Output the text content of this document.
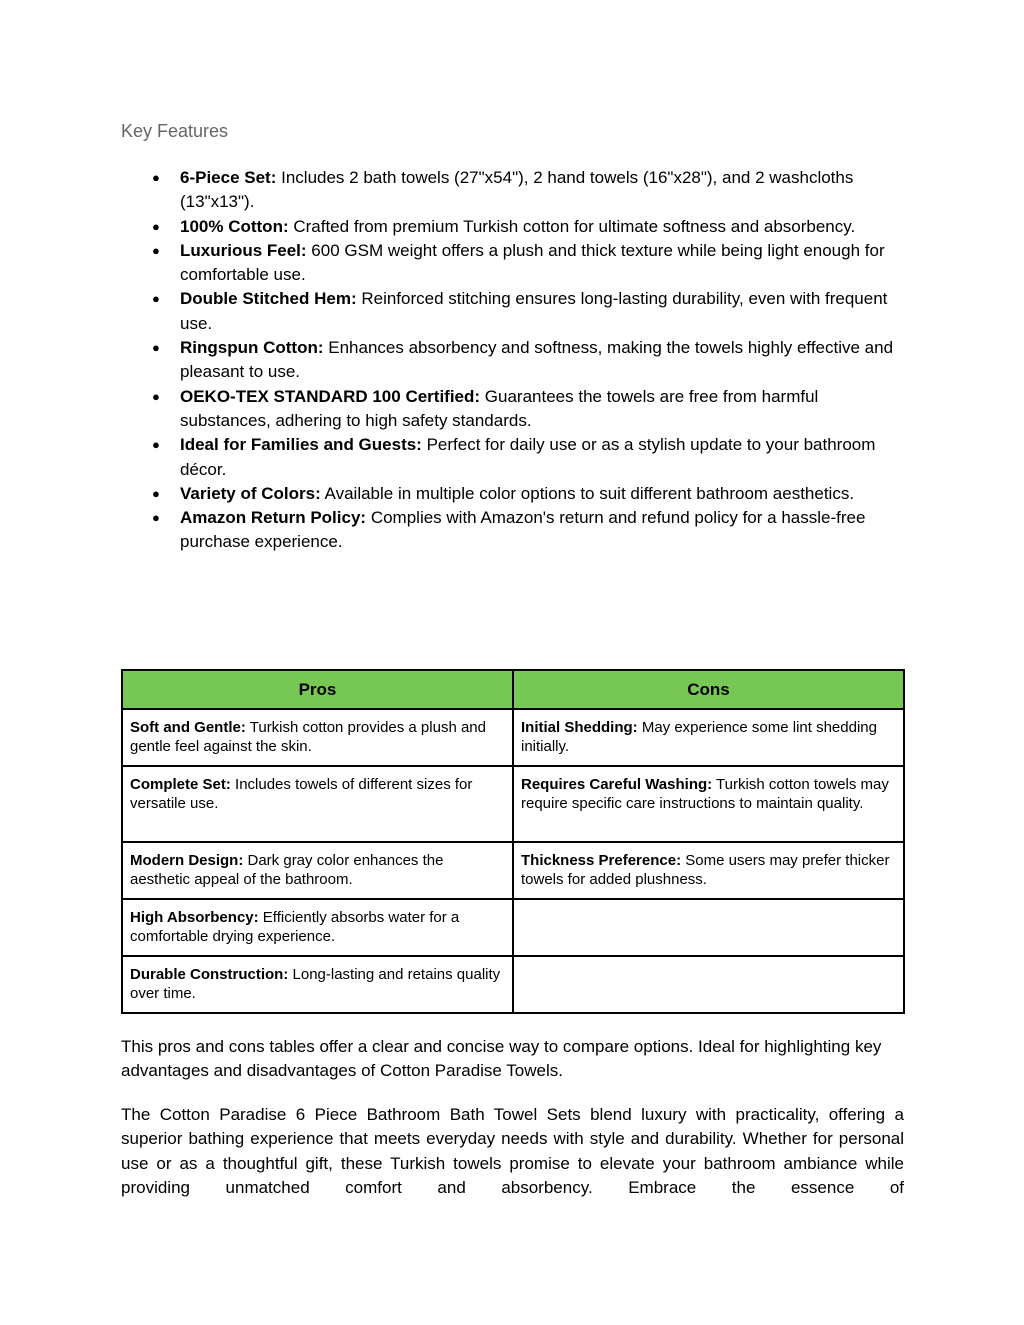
Key Features
● 6-Piece Set: Includes 2 bath towels (27"x54"), 2 hand towels (16"x28"), and 2 washcloths (13"x13").
● 100% Cotton: Crafted from premium Turkish cotton for ultimate softness and absorbency.
● Luxurious Feel: 600 GSM weight offers a plush and thick texture while being light enough for comfortable use.
● Double Stitched Hem: Reinforced stitching ensures long-lasting durability, even with frequent use.
● Ringspun Cotton: Enhances absorbency and softness, making the towels highly effective and pleasant to use.
● OEKO-TEX STANDARD 100 Certified: Guarantees the towels are free from harmful substances, adhering to high safety standards.
● Ideal for Families and Guests: Perfect for daily use or as a stylish update to your bathroom décor.
● Variety of Colors: Available in multiple color options to suit different bathroom aesthetics.
● Amazon Return Policy: Complies with Amazon's return and refund policy for a hassle-free purchase experience.
Pros	Cons
Soft and Gentle: Turkish cotton provides a plush and gentle feel against the skin.	Initial Shedding: May experience some lint shedding initially.
Complete Set: Includes towels of different sizes for versatile use.	Requires Careful Washing: Turkish cotton towels may require specific care instructions to maintain quality.
Modern Design: Dark gray color enhances the aesthetic appeal of the bathroom.	Thickness Preference: Some users may prefer thicker towels for added plushness.
High Absorbency: Efficiently absorbs water for a comfortable drying experience.	
Durable Construction: Long-lasting and retains quality over time.	

This pros and cons tables offer a clear and concise way to compare options. Ideal for highlighting key advantages and disadvantages of Cotton Paradise Towels.

The Cotton Paradise 6 Piece Bathroom Bath Towel Sets blend luxury with practicality, offering a superior bathing experience that meets everyday needs with style and durability. Whether for personal use or as a thoughtful gift, these Turkish towels promise to elevate your bathroom ambiance while providing unmatched comfort and absorbency. Embrace the essence of
